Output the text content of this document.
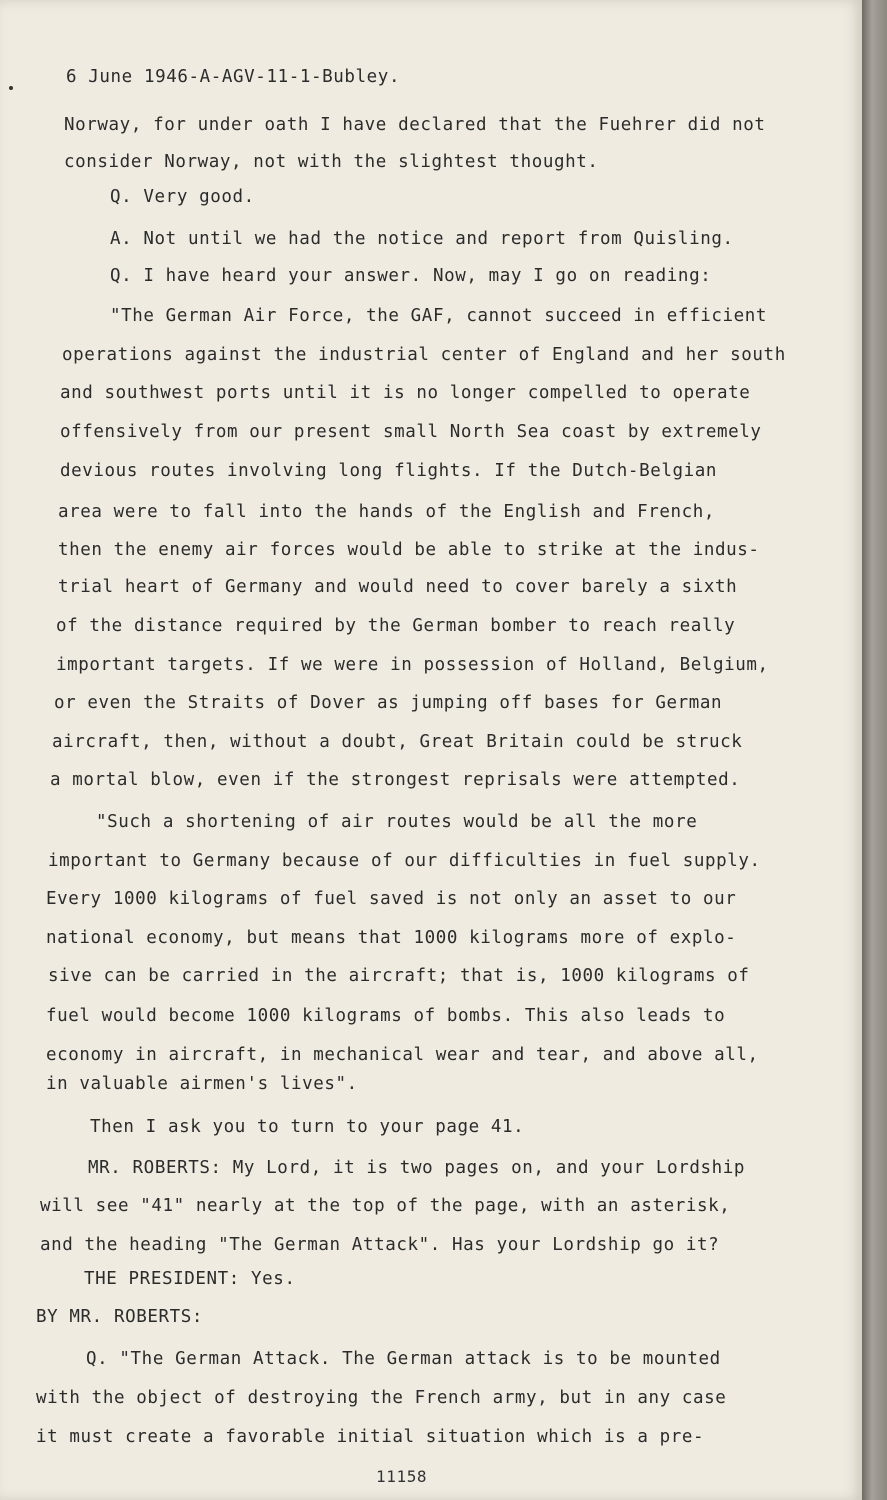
6 June 1946-A-AGV-11-1-Bubley.
Norway, for under oath I have declared that the Fuehrer did not
consider Norway, not with the slightest thought.
Q. Very good.
A. Not until we had the notice and report from Quisling.
Q. I have heard your answer. Now, may I go on reading:
"The German Air Force, the GAF, cannot succeed in efficient
operations against the industrial center of England and her south
and southwest ports until it is no longer compelled to operate
offensively from our present small North Sea coast by extremely
devious routes involving long flights. If the Dutch-Belgian
area were to fall into the hands of the English and French,
then the enemy air forces would be able to strike at the indus-
trial heart of Germany and would need to cover barely a sixth
of the distance required by the German bomber to reach really
important targets. If we were in possession of Holland, Belgium,
or even the Straits of Dover as jumping off bases for German
aircraft, then, without a doubt, Great Britain could be struck
a mortal blow, even if the strongest reprisals were attempted.
"Such a shortening of air routes would be all the more
important to Germany because of our difficulties in fuel supply.
Every 1000 kilograms of fuel saved is not only an asset to our
national economy, but means that 1000 kilograms more of explo-
sive can be carried in the aircraft; that is, 1000 kilograms of
fuel would become 1000 kilograms of bombs. This also leads to
economy in aircraft, in mechanical wear and tear, and above all,
in valuable airmen's lives".
Then I ask you to turn to your page 41.
MR. ROBERTS: My Lord, it is two pages on, and your Lordship
will see "41" nearly at the top of the page, with an asterisk,
and the heading "The German Attack". Has your Lordship go it?
THE PRESIDENT: Yes.
BY MR. ROBERTS:
Q. "The German Attack. The German attack is to be mounted
with the object of destroying the French army, but in any case
it must create a favorable initial situation which is a pre-
11158
